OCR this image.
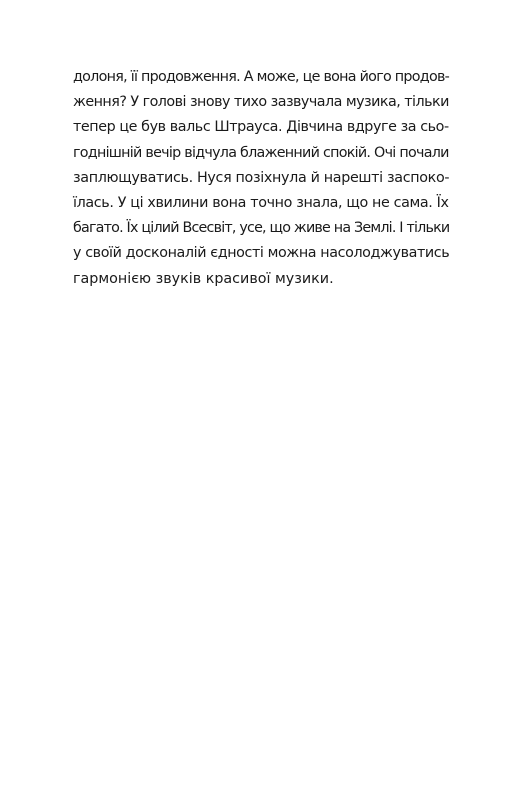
долоня, її продовження. А може, це вона його продов-
ження? У голові знову тихо зазвучала музика, тільки
тепер це був вальс Штрауса. Дівчина вдруге за сьо-
годнішній вечір відчула блаженний спокій. Очі почали
заплющуватись. Нуся позіхнула й нарешті заспоко-
їлась. У ці хвилини вона точно знала, що не сама. Їх
багато. Їх цілий Всесвіт, усе, що живе на Землі. І тільки
у своїй досконалій єдності можна насолоджуватись
гармонією звуків красивої музики.
